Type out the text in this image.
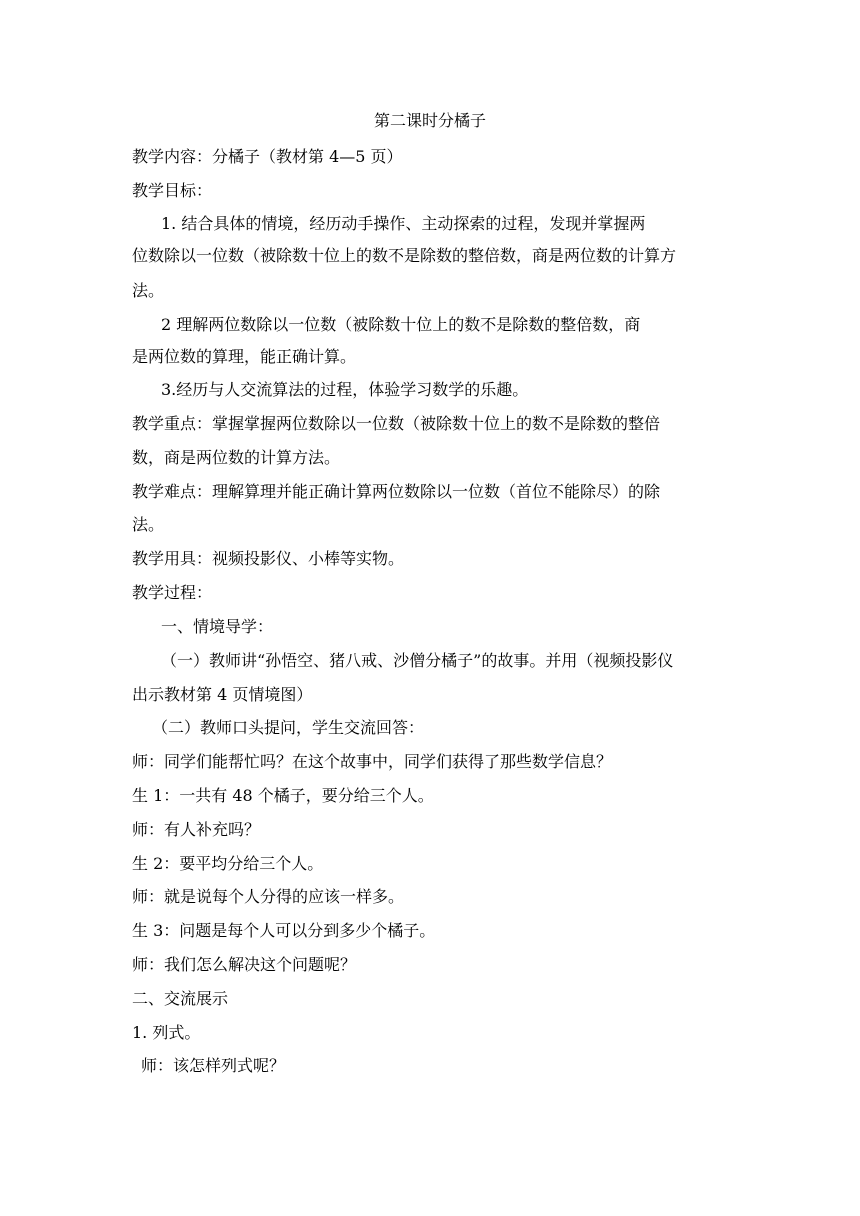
第二课时分橘子
教学内容：分橘子（教材第 4—5 页）
教学目标：
1. 结合具体的情境，经历动手操作、主动探索的过程，发现并掌握两
位数除以一位数（被除数十位上的数不是除数的整倍数，商是两位数的计算方
法。
2 理解两位数除以一位数（被除数十位上的数不是除数的整倍数，商
是两位数的算理，能正确计算。
3.经历与人交流算法的过程，体验学习数学的乐趣。
教学重点：掌握掌握两位数除以一位数（被除数十位上的数不是除数的整倍
数，商是两位数的计算方法。
教学难点：理解算理并能正确计算两位数除以一位数（首位不能除尽）的除
法。
教学用具：视频投影仪、小棒等实物。
教学过程：
一、情境导学：
（一）教师讲“孙悟空、猪八戒、沙僧分橘子”的故事。并用（视频投影仪
出示教材第 4 页情境图）
（二）教师口头提问，学生交流回答：
师：同学们能帮忙吗？在这个故事中，同学们获得了那些数学信息？
生 1：一共有 48 个橘子，要分给三个人。
师：有人补充吗？
生 2：要平均分给三个人。
师：就是说每个人分得的应该一样多。
生 3：问题是每个人可以分到多少个橘子。
师：我们怎么解决这个问题呢？
二、交流展示
1. 列式。
师：该怎样列式呢？
